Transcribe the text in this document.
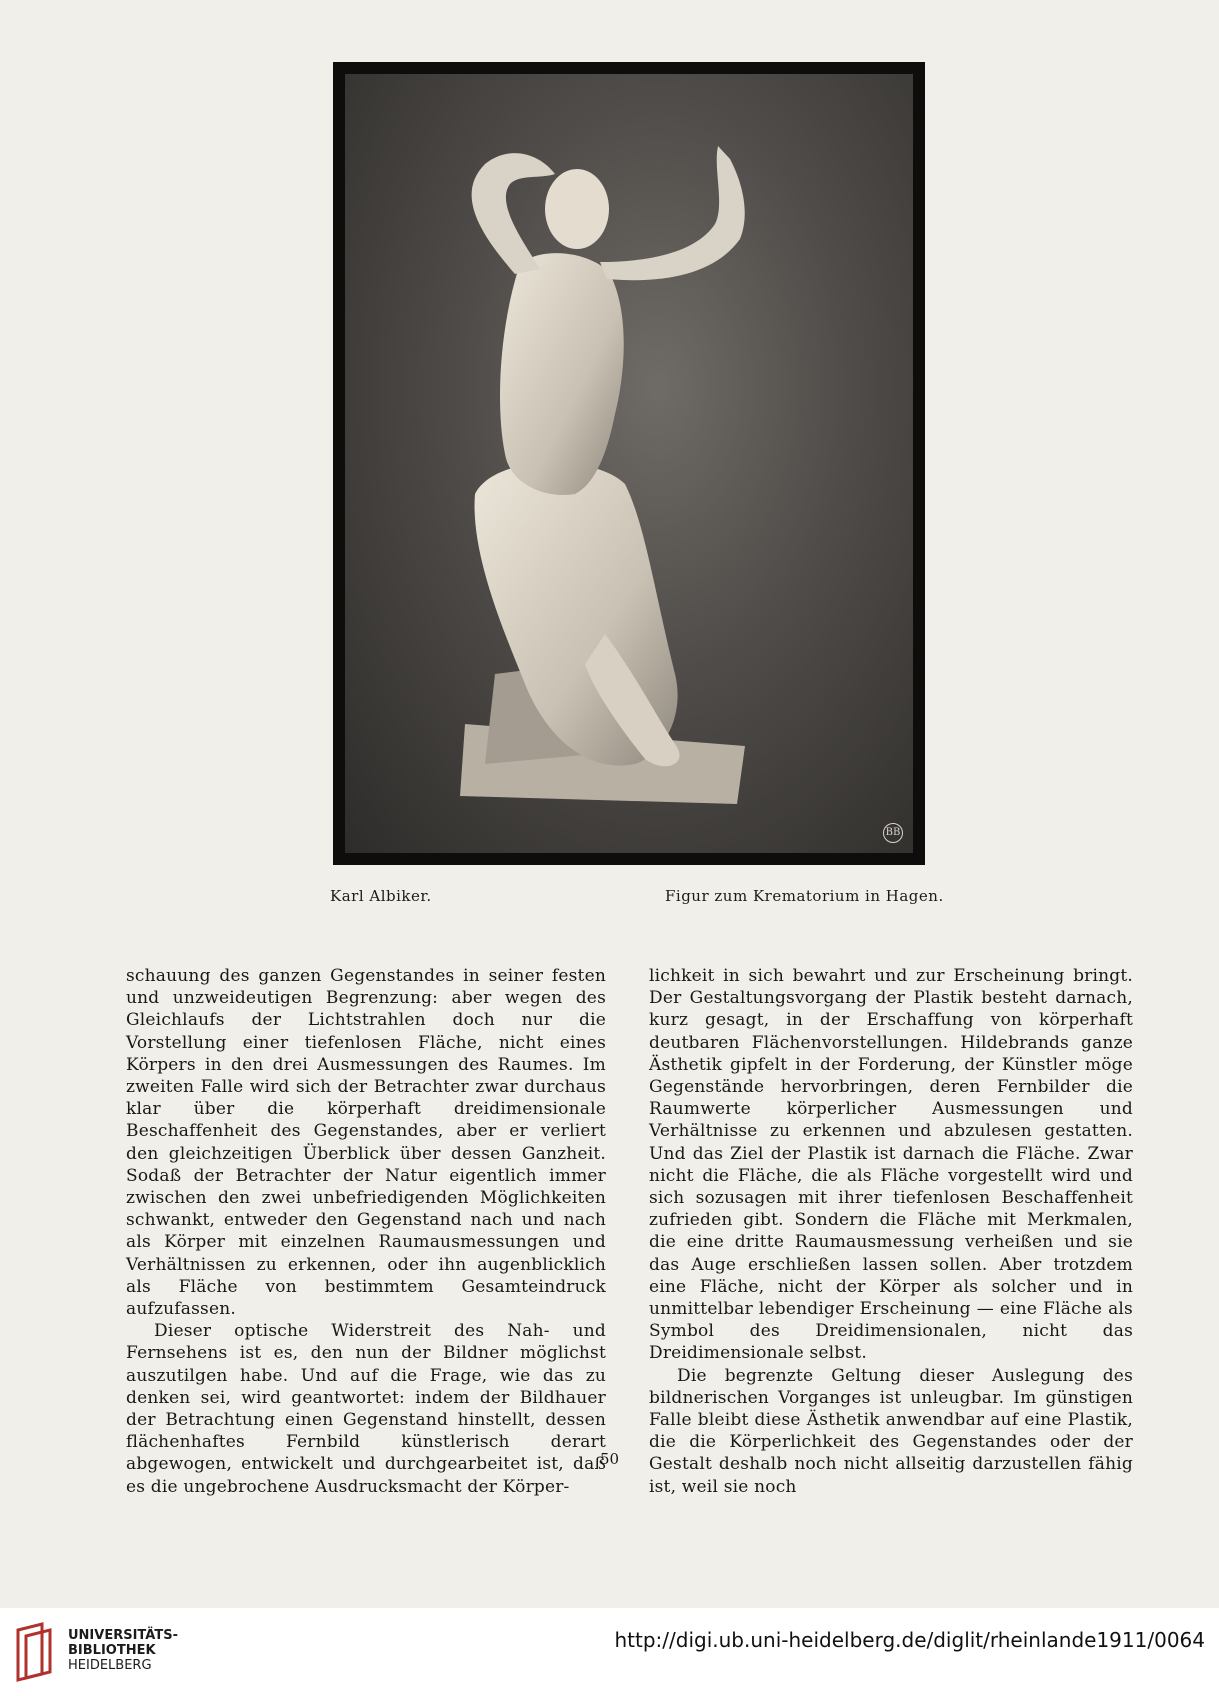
BB
Karl Albiker.	Figur zum Krematorium in Hagen.

schauung des ganzen Gegenstandes in seiner festen und unzweideutigen Begrenzung: aber wegen des Gleichlaufs der Lichtstrahlen doch nur die Vorstellung einer tiefenlosen Fläche, nicht eines Körpers in den drei Ausmessungen des Raumes. Im zweiten Falle wird sich der Betrachter zwar durchaus klar über die körperhaft dreidimensionale Beschaffenheit des Gegenstandes, aber er verliert den gleichzeitigen Überblick über dessen Ganzheit. Sodaß der Betrachter der Natur eigentlich immer zwischen den zwei unbefriedigenden Möglichkeiten schwankt, entweder den Gegenstand nach und nach als Körper mit einzelnen Raumausmessungen und Verhältnissen zu erkennen, oder ihn augenblicklich als Fläche von bestimmtem Gesamteindruck aufzufassen.

Dieser optische Widerstreit des Nah- und Fernsehens ist es, den nun der Bildner möglichst auszutilgen habe. Und auf die Frage, wie das zu denken sei, wird geantwortet: indem der Bildhauer der Betrachtung einen Gegenstand hinstellt, dessen flächenhaftes Fernbild künstlerisch derart abgewogen, entwickelt und durchgearbeitet ist, daß es die ungebrochene Ausdrucksmacht der Körper-

lichkeit in sich bewahrt und zur Erscheinung bringt. Der Gestaltungsvorgang der Plastik besteht darnach, kurz gesagt, in der Erschaffung von körperhaft deutbaren Flächenvorstellungen. Hildebrands ganze Ästhetik gipfelt in der Forderung, der Künstler möge Gegenstände hervorbringen, deren Fernbilder die Raumwerte körperlicher Ausmessungen und Verhältnisse zu erkennen und abzulesen gestatten. Und das Ziel der Plastik ist darnach die Fläche. Zwar nicht die Fläche, die als Fläche vorgestellt wird und sich sozusagen mit ihrer tiefenlosen Beschaffenheit zufrieden gibt. Sondern die Fläche mit Merkmalen, die eine dritte Raumausmessung verheißen und sie das Auge erschließen lassen sollen. Aber trotzdem eine Fläche, nicht der Körper als solcher und in unmittelbar lebendiger Erscheinung — eine Fläche als Symbol des Dreidimensionalen, nicht das Dreidimensionale selbst.

Die begrenzte Geltung dieser Auslegung des bildnerischen Vorganges ist unleugbar. Im günstigen Falle bleibt diese Ästhetik anwendbar auf eine Plastik, die die Körperlichkeit des Gegenstandes oder der Gestalt deshalb noch nicht allseitig darzustellen fähig ist, weil sie noch

50
UNIVERSITÄTS-
BIBLIOTHEK
HEIDELBERG
http://digi.ub.uni-heidelberg.de/diglit/rheinlande1911/0064
